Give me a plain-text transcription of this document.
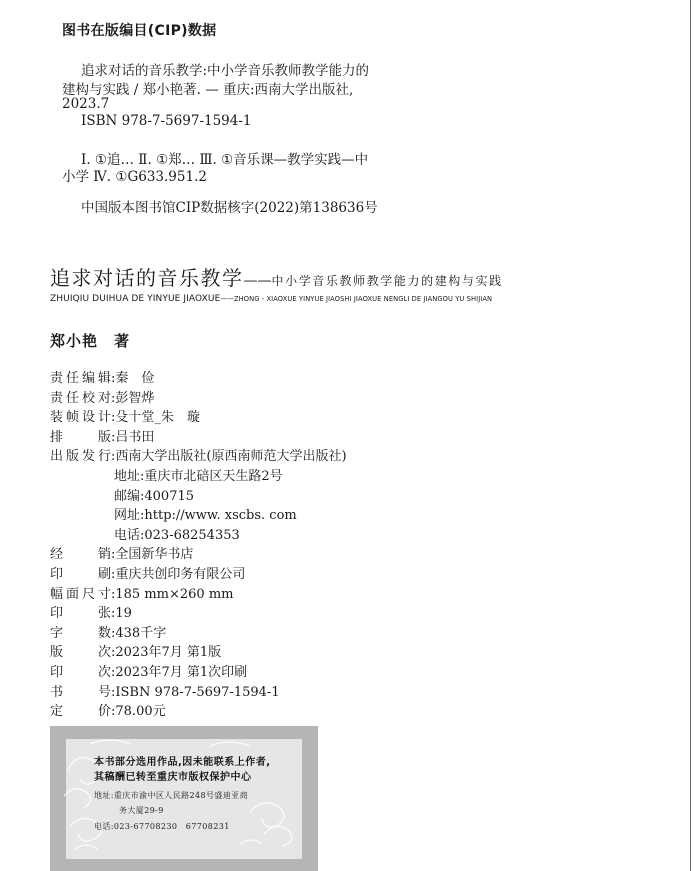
图书在版编目(CIP)数据
追求对话的音乐教学:中小学音乐教师教学能力的
建构与实践 / 郑小艳著. — 重庆:西南大学出版社,
2023.7
ISBN 978-7-5697-1594-1
Ⅰ. ①追… Ⅱ. ①郑… Ⅲ. ①音乐课—教学实践—中
小学 Ⅳ. ①G633.951.2
中国版本图书馆CIP数据核字(2022)第138636号
追求对话的音乐教学——中小学音乐教师教学能力的建构与实践
ZHUIQIU DUIHUA DE YINYUE JIAOXUE——ZHONG - XIAOXUE YINYUE JIAOSHI JIAOXUE NENGLI DE JIANGOU YU SHIJIAN
郑小艳　著
责任编辑:秦　俭
责任校对:彭智烨
装帧设计:殳十堂_朱　璇
排　版:吕书田
出版发行:西南大学出版社(原西南师范大学出版社)
地址:重庆市北碚区天生路2号
邮编:400715
网址:http://www. xscbs. com
电话:023-68254353
经　销:全国新华书店
印　刷:重庆共创印务有限公司
幅面尺寸:185 mm×260 mm
印　张:19
字　数:438千字
版　次:2023年7月 第1版
印　次:2023年7月 第1次印刷
书　号:ISBN 978-7-5697-1594-1
定　价:78.00元
本书部分选用作品,因未能联系上作者,
其稿酬已转至重庆市版权保护中心
地址:重庆市渝中区人民路248号盛迪亚商
务大厦29-9
电话:023-67708230　67708231
